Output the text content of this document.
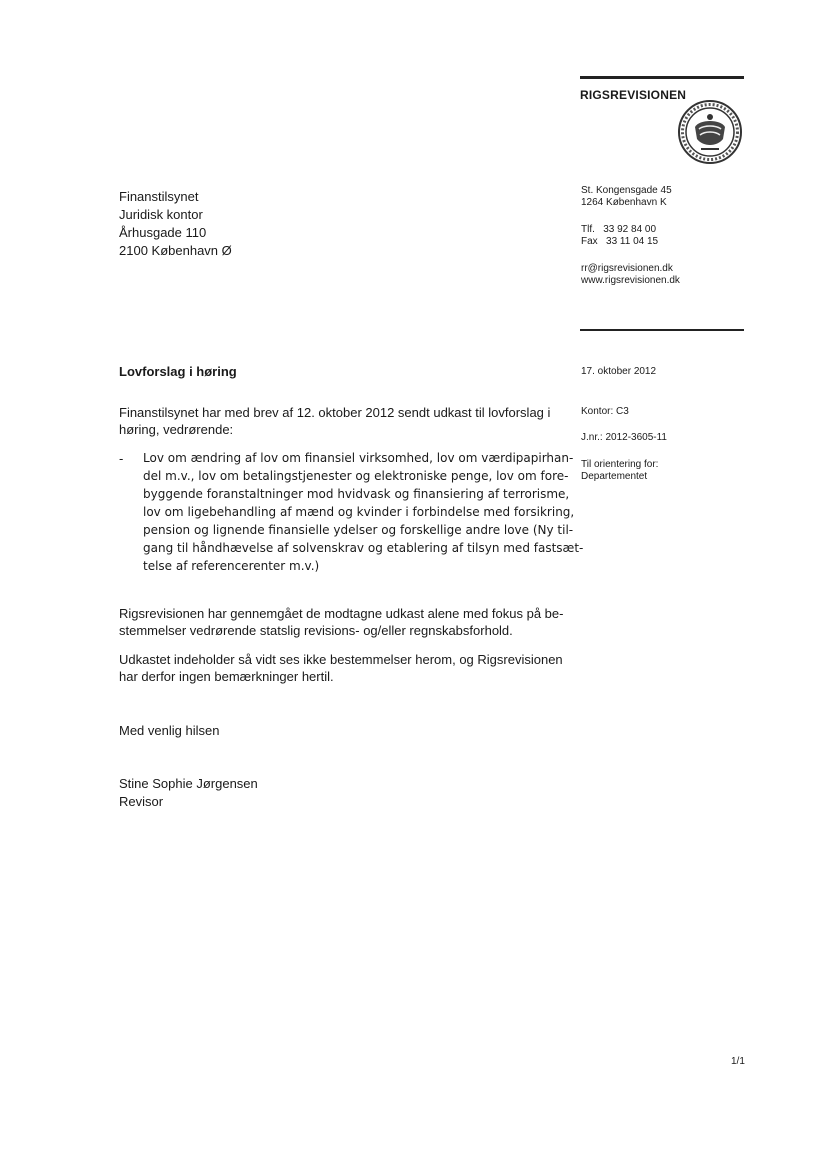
RIGSREVISIONEN
St. Kongensgade 45
1264 København K
Tlf.   33 92 84 00
Fax   33 11 04 15
rr@rigsrevisionen.dk
www.rigsrevisionen.dk
Finanstilsynet
Juridisk kontor
Århusgade 110
2100 København Ø
17. oktober 2012
Kontor: C3
J.nr.: 2012-3605-11
Til orientering for:
Departementet
Lovforslag i høring
Finanstilsynet har med brev af 12. oktober 2012 sendt udkast til lovforslag i
høring, vedrørende:
- Lov om ændring af lov om finansiel virksomhed, lov om værdipapirhan-
del m.v., lov om betalingstjenester og elektroniske penge, lov om fore-
byggende foranstaltninger mod hvidvask og finansiering af terrorisme,
lov om ligebehandling af mænd og kvinder i forbindelse med forsikring,
pension og lignende finansielle ydelser og forskellige andre love (Ny til-
gang til håndhævelse af solvenskrav og etablering af tilsyn med fastsæt-
telse af referencerenter m.v.)
Rigsrevisionen har gennemgået de modtagne udkast alene med fokus på be-
stemmelser vedrørende statslig revisions- og/eller regnskabsforhold.
Udkastet indeholder så vidt ses ikke bestemmelser herom, og Rigsrevisionen
har derfor ingen bemærkninger hertil.
Med venlig hilsen
Stine Sophie Jørgensen
Revisor
1/1
